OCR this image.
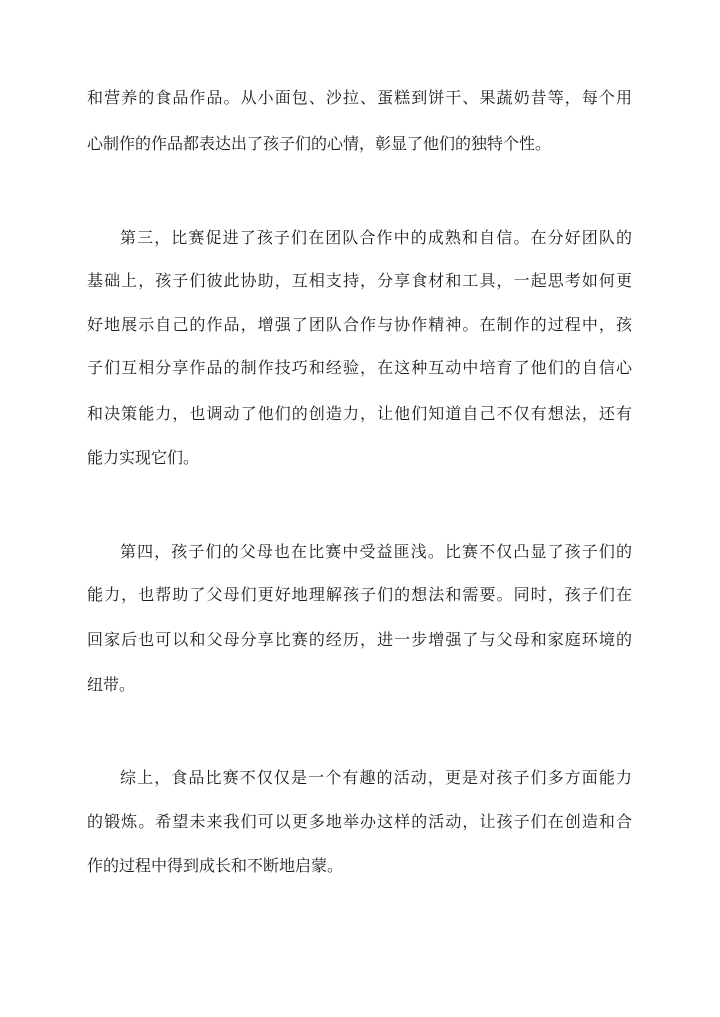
和营养的食品作品。从小面包、沙拉、蛋糕到饼干、果蔬奶昔等，每个用
心制作的作品都表达出了孩子们的心情，彰显了他们的独特个性。
第三，比赛促进了孩子们在团队合作中的成熟和自信。在分好团队的
基础上，孩子们彼此协助，互相支持，分享食材和工具，一起思考如何更
好地展示自己的作品，增强了团队合作与协作精神。在制作的过程中，孩
子们互相分享作品的制作技巧和经验，在这种互动中培育了他们的自信心
和决策能力，也调动了他们的创造力，让他们知道自己不仅有想法，还有
能力实现它们。
第四，孩子们的父母也在比赛中受益匪浅。比赛不仅凸显了孩子们的
能力，也帮助了父母们更好地理解孩子们的想法和需要。同时，孩子们在
回家后也可以和父母分享比赛的经历，进一步增强了与父母和家庭环境的
纽带。
综上，食品比赛不仅仅是一个有趣的活动，更是对孩子们多方面能力
的锻炼。希望未来我们可以更多地举办这样的活动，让孩子们在创造和合
作的过程中得到成长和不断地启蒙。
